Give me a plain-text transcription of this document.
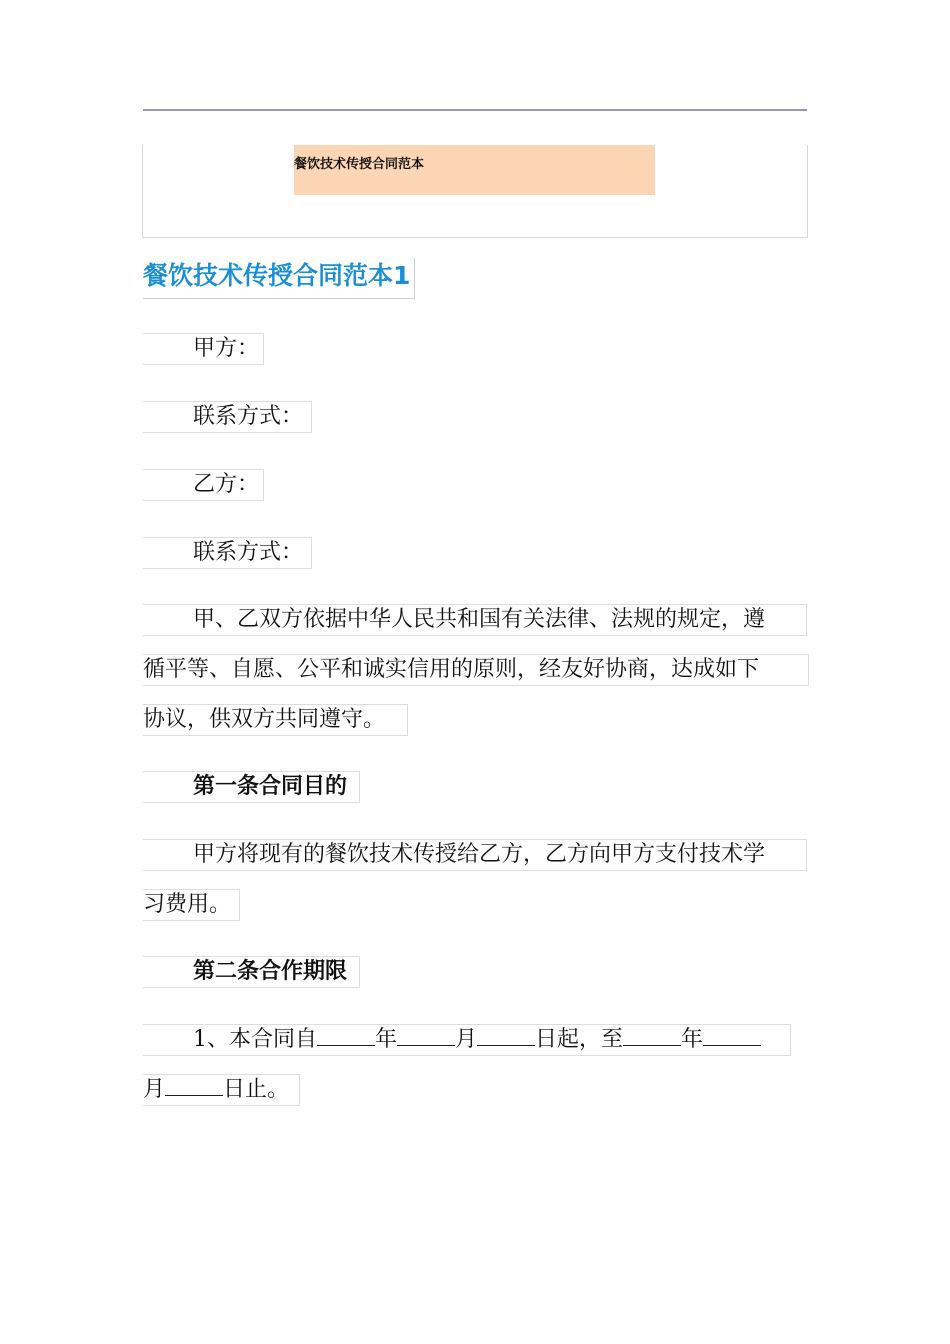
餐饮技术传授合同范本
餐饮技术传授合同范本1
甲方：
联系方式：
乙方：
联系方式：
甲、乙双方依据中华人民共和国有关法律、法规的规定，遵
循平等、自愿、公平和诚实信用的原则，经友好协商，达成如下
协议，供双方共同遵守。
第一条合同目的
甲方将现有的餐饮技术传授给乙方，乙方向甲方支付技术学
习费用。
第二条合作期限
1、本合同自	年	月	日起，至	年
月	日止。
